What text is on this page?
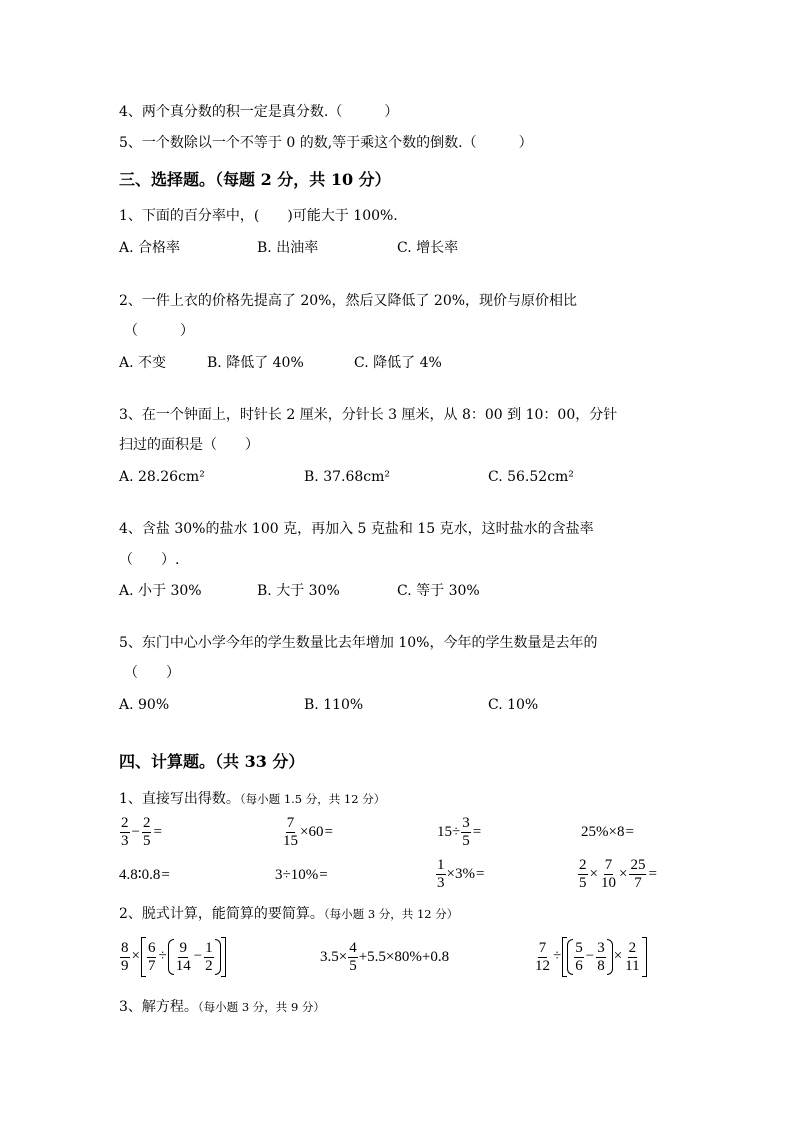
4、两个真分数的积一定是真分数.（　　　）
5、一个数除以一个不等于 0 的数,等于乘这个数的倒数.（　　　）
三、选择题。（每题 2 分，共 10 分）
1、下面的百分率中，(　　)可能大于 100%.
A. 合格率	B. 出油率	C. 增长率
2、一件上衣的价格先提高了 20%，然后又降低了 20%，现价与原价相比
（　　　）
A. 不变	B. 降低了 40%	C. 降低了 4%
3、在一个钟面上，时针长 2 厘米，分针长 3 厘米，从 8：00 到 10：00，分针
扫过的面积是（　　）
A. 28.26cm²	B. 37.68cm²	C. 56.52cm²
4、含盐 30%的盐水 100 克，再加入 5 克盐和 15 克水，这时盐水的含盐率
（　　）.
A. 小于 30%	B. 大于 30%	C. 等于 30%
5、东门中心小学今年的学生数量比去年增加 10%，今年的学生数量是去年的
（　　）
A. 90%	B. 110%	C. 10%
四、计算题。（共 33 分）
1、直接写出得数。（每小题 1.5 分，共 12 分）
$\frac{2}{3} - \frac{2}{5}$ =	$\frac{7}{15} \times 60=$	$15\div \frac{3}{5}$ =	25%×8=
4.8∶0.8=	3÷10%=	$\frac{1}{3} \times 3\%=$	$\frac{2}{5} \times \frac{7}{10} \times \frac{25}{7}$ =
2、脱式计算，能简算的要简算。（每小题 3 分，共 12 分）
$\frac{8}{9} \times \frac{6}{7} \div \frac{9}{14} - \frac{1}{2}$	$3.5\times \frac{4}{5} +5.5\times 80\%+0.8$	$\frac{7}{12} \div \frac{5}{6} - \frac{3}{8} \times \frac{2}{11}$
3、解方程。（每小题 3 分，共 9 分）
